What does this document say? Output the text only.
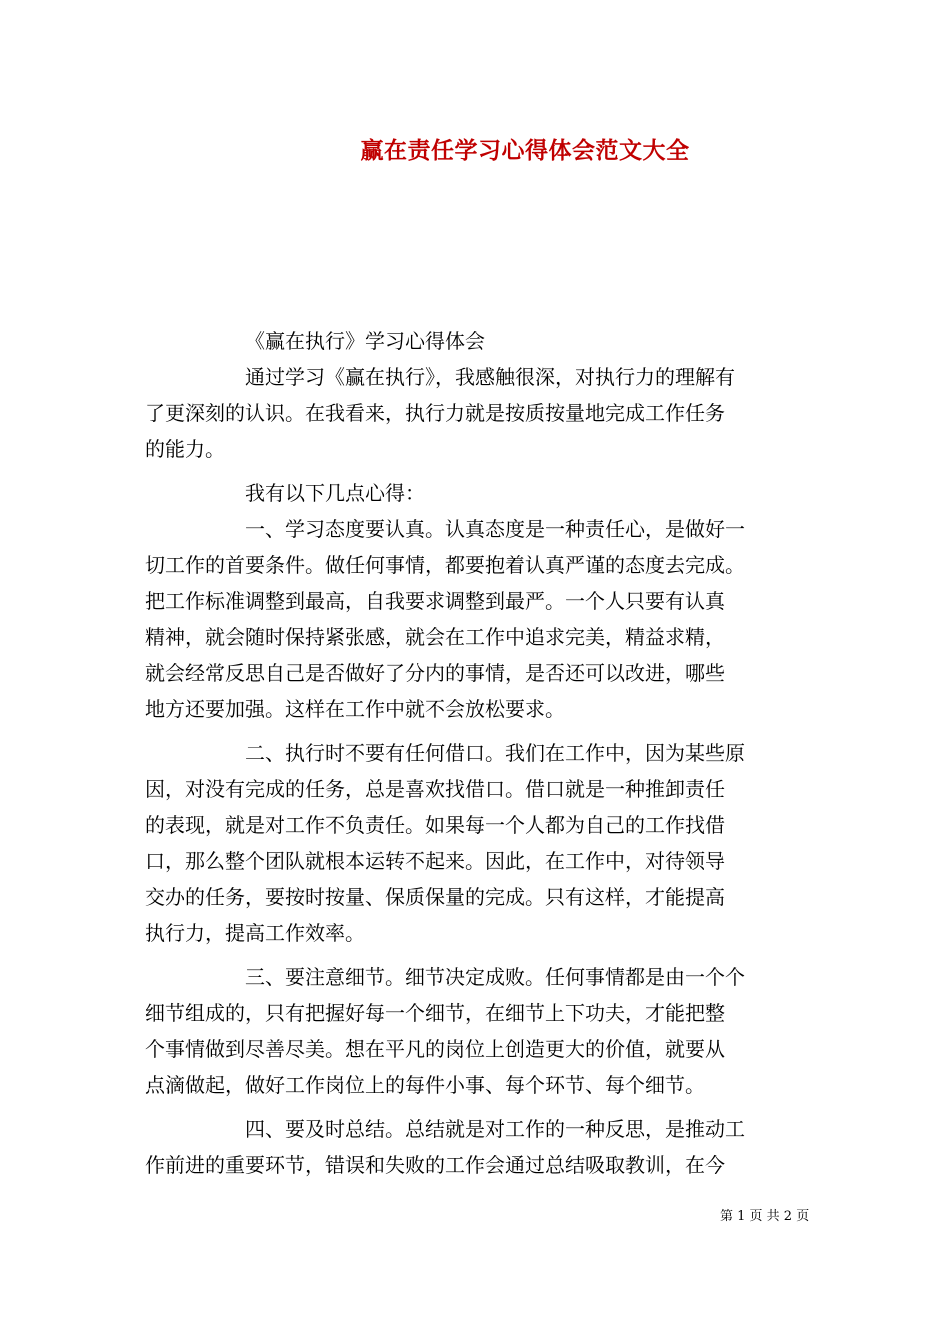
赢在责任学习心得体会范文大全

《赢在执行》学习心得体会

通过学习《赢在执行》，我感触很深，对执行力的理解有

了更深刻的认识。在我看来，执行力就是按质按量地完成工作任务

的能力。

我有以下几点心得：

一、学习态度要认真。认真态度是一种责任心，是做好一

切工作的首要条件。做任何事情，都要抱着认真严谨的态度去完成。

把工作标准调整到最高，自我要求调整到最严。一个人只要有认真

精神，就会随时保持紧张感，就会在工作中追求完美，精益求精，

就会经常反思自己是否做好了分内的事情，是否还可以改进，哪些

地方还要加强。这样在工作中就不会放松要求。

二、执行时不要有任何借口。我们在工作中，因为某些原

因，对没有完成的任务，总是喜欢找借口。借口就是一种推卸责任

的表现，就是对工作不负责任。如果每一个人都为自己的工作找借

口，那么整个团队就根本运转不起来。因此，在工作中，对待领导

交办的任务，要按时按量、保质保量的完成。只有这样，才能提高

执行力，提高工作效率。

三、要注意细节。细节决定成败。任何事情都是由一个个

细节组成的，只有把握好每一个细节，在细节上下功夫，才能把整

个事情做到尽善尽美。想在平凡的岗位上创造更大的价值，就要从

点滴做起，做好工作岗位上的每件小事、每个环节、每个细节。

四、要及时总结。总结就是对工作的一种反思，是推动工

作前进的重要环节，错误和失败的工作会通过总结吸取教训，在今

第 1 页 共 2 页
